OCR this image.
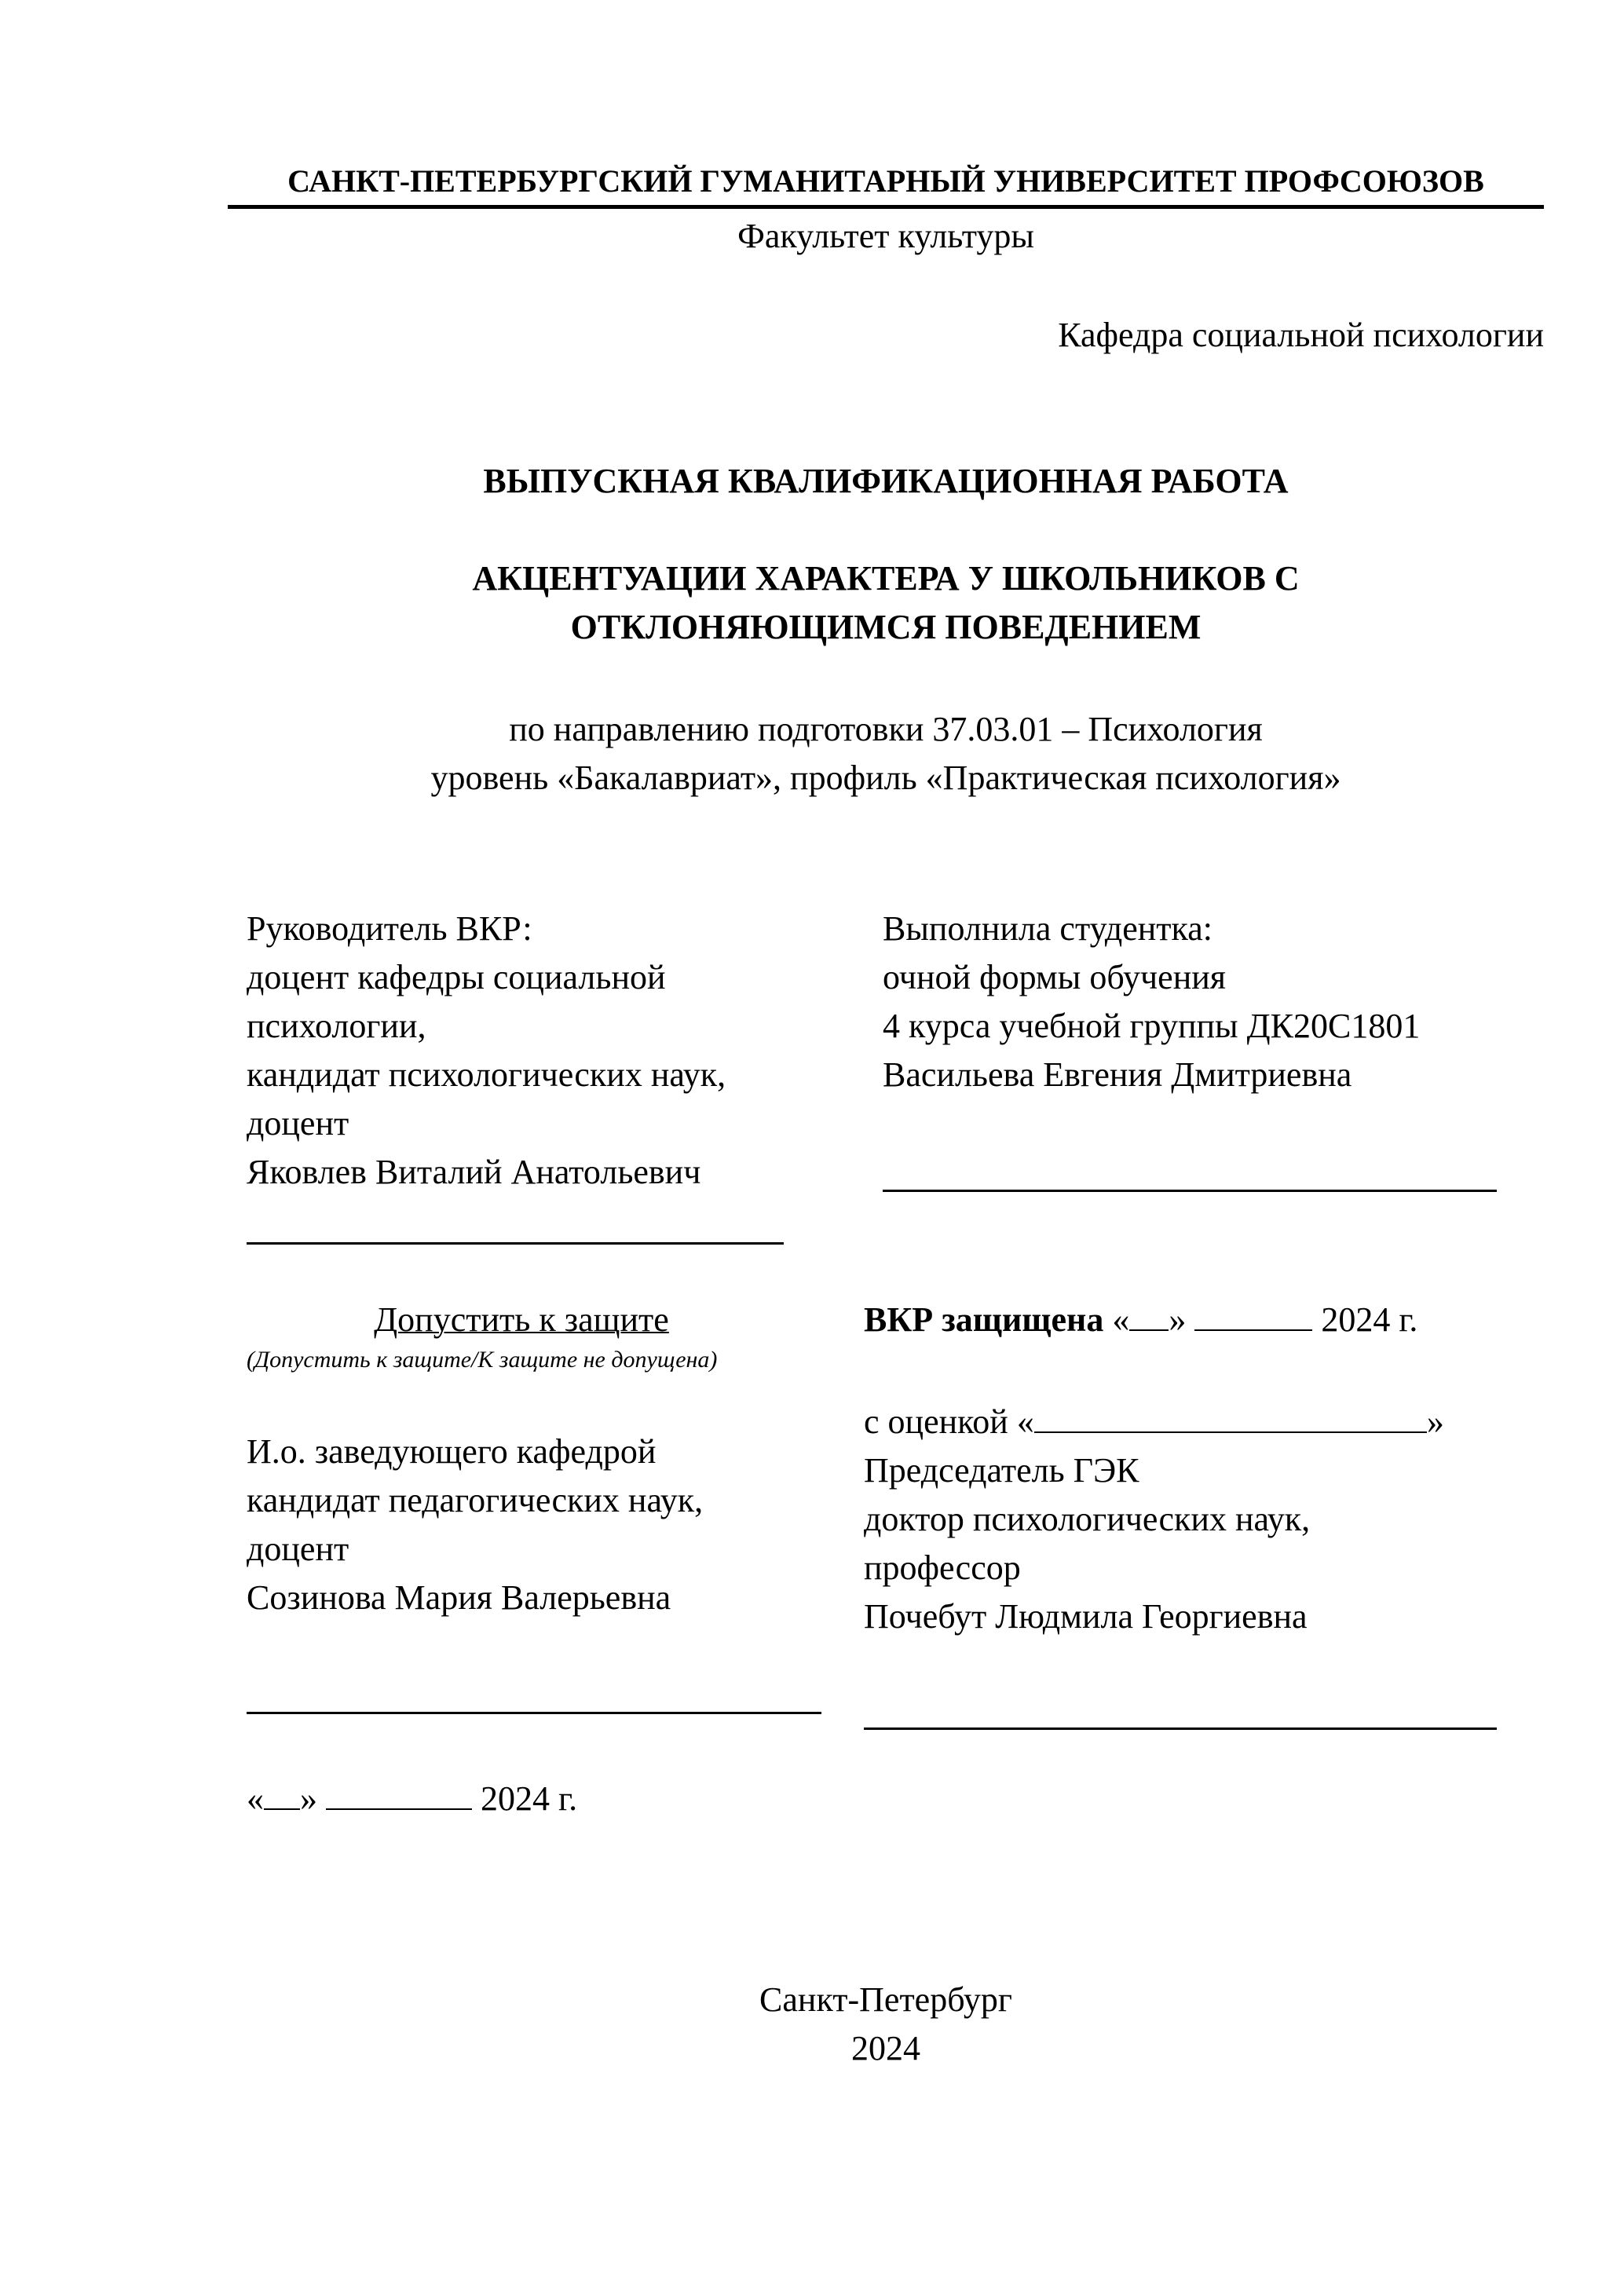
САНКТ-ПЕТЕРБУРГСКИЙ ГУМАНИТАРНЫЙ УНИВЕРСИТЕТ ПРОФСОЮЗОВ
Факультет культуры
Кафедра социальной психологии
ВЫПУСКНАЯ КВАЛИФИКАЦИОННАЯ РАБОТА
АКЦЕНТУАЦИИ ХАРАКТЕРА У ШКОЛЬНИКОВ С
ОТКЛОНЯЮЩИМСЯ ПОВЕДЕНИЕМ
по направлению подготовки 37.03.01 – Психология
уровень «Бакалавриат», профиль «Практическая психология»
Руководитель ВКР:
доцент кафедры социальной
психологии,
кандидат психологических наук,
доцент
Яковлев Виталий Анатольевич
Выполнила студентка:
очной формы обучения
4 курса учебной группы ДК20С1801
Васильева Евгения Дмитриевна
Допустить к защите
(Допустить к защите/К защите не допущена)
И.о. заведующего кафедрой
кандидат педагогических наук,
доцент
Созинова Мария Валерьевна
« »	2024 г.
ВКР защищена « »	2024 г.
с оценкой «	»
Председатель ГЭК
доктор психологических наук,
профессор
Почебут Людмила Георгиевна
Санкт-Петербург
2024
